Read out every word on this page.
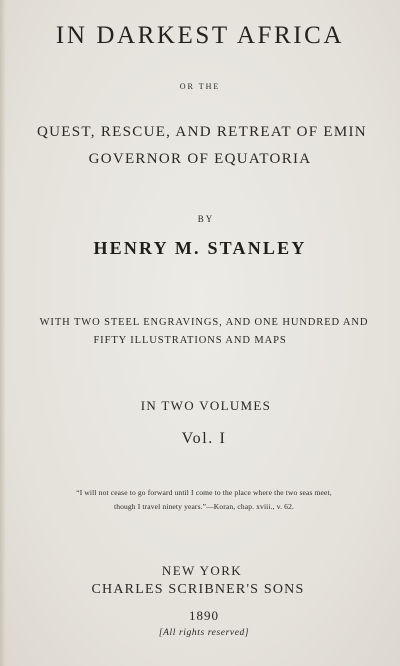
IN DARKEST AFRICA
OR THE
QUEST, RESCUE, AND RETREAT OF EMIN
GOVERNOR OF EQUATORIA
BY
HENRY M. STANLEY
WITH TWO STEEL ENGRAVINGS, AND ONE HUNDRED AND
FIFTY ILLUSTRATIONS AND MAPS
IN TWO VOLUMES
Vol. I
“I will not cease to go forward until I come to the place where the two seas meet,
though I travel ninety years.”—Koran, chap. xviii., v. 62.
NEW YORK
CHARLES SCRIBNER'S SONS
1890
[All rights reserved]
